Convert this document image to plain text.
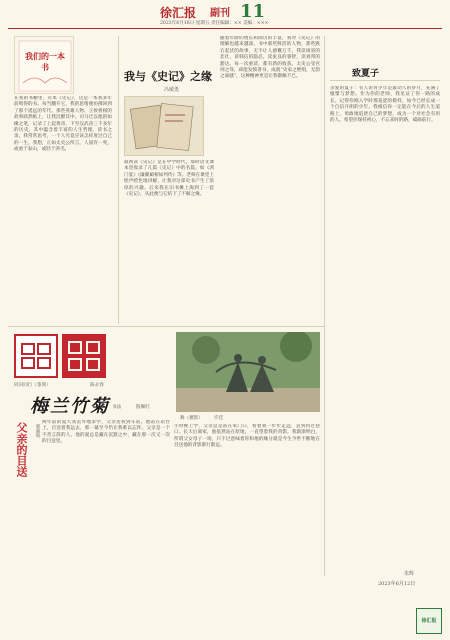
徐汇报 副刊 11
2023年6月16日 星期五 责任编辑：×× 美编：×××
我们的一本书
在我的书橱里，有本《史记》，这是一本我多年前购得的书。每当翻开它，我的思绪便仿佛回到了那个遥远的年代。那些英雄人物、王侯将相的故事跃然纸上，让我沉醉其中。司马迁以他的如椽之笔，记录了上起黄帝、下至汉武帝三千多年的历史，其中蕴含着丰富的人生哲理。读书之余，我常常思考，一个人究竟应该怎样度过自己的一生。我想，正如太史公所言，人固有一死，或重于泰山，或轻于鸿毛。
我与《史记》之缘
冯敏勇
最初读《史记》是在中学时代，那时语文课本里收录了几篇《史记》中的名篇，如《鸿门宴》《廉颇蔺相如列传》等。老师在课堂上绘声绘色地讲解，让我对这部史书产生了浓厚的兴趣。后来我在旧书摊上淘到了一套《史记》，从此便与它结下了不解之缘。
随着年龄的增长和阅历的丰富，我对《史记》的理解也越来越深。书中那些鲜活的人物，那些跌宕起伏的故事，无不让人感慨万千。我读项羽的悲壮，读韩信的隐忍，读张良的睿智，读刘邦的豁达。每一次重读，都有新的收获。太史公受宫刑之辱，却能发愤著书，成就“史家之绝唱，无韵之离骚”，这种精神更是让我敬佩不已。	致夏子
亲爱的夏子：有人说青少年是最动人的岁月，充满了憧憬与梦想。作为你的老师，我见证了你一路的成长。记得你刚入学时那羞涩的模样，如今已经长成一个自信开朗的少年。我相信你一定能在今后的人生道路上，勇敢地追逐自己的梦想，成为一个对社会有用的人。希望你保持初心，不忘来时的路，砥砺前行。
朱辉
2023年6月12日
同向同行（篆刻）	陈永春
梅兰竹菊 书法	殷佩红
父亲的目送	郭嘉锐
两年前的夏天我去外地求学，父亲送我到车站。他站在站台上，目送着我远去，那一幕至今仍让我难以忘怀。父亲是一个不善言辞的人，他的爱总是藏在沉默之中，藏在那一次又一次的目送里。
小时候上学，父亲总是站在家门口，看着我一步步走远，直到拐过巷口。长大后离家，他依然站在原地，一直望着我的背影。我渐渐明白，所谓父女母子一场，只不过意味着你和他的缘分就是今生今世不断地在目送他的背影渐行渐远。
舞（摄影） 许佳
徐汇报
